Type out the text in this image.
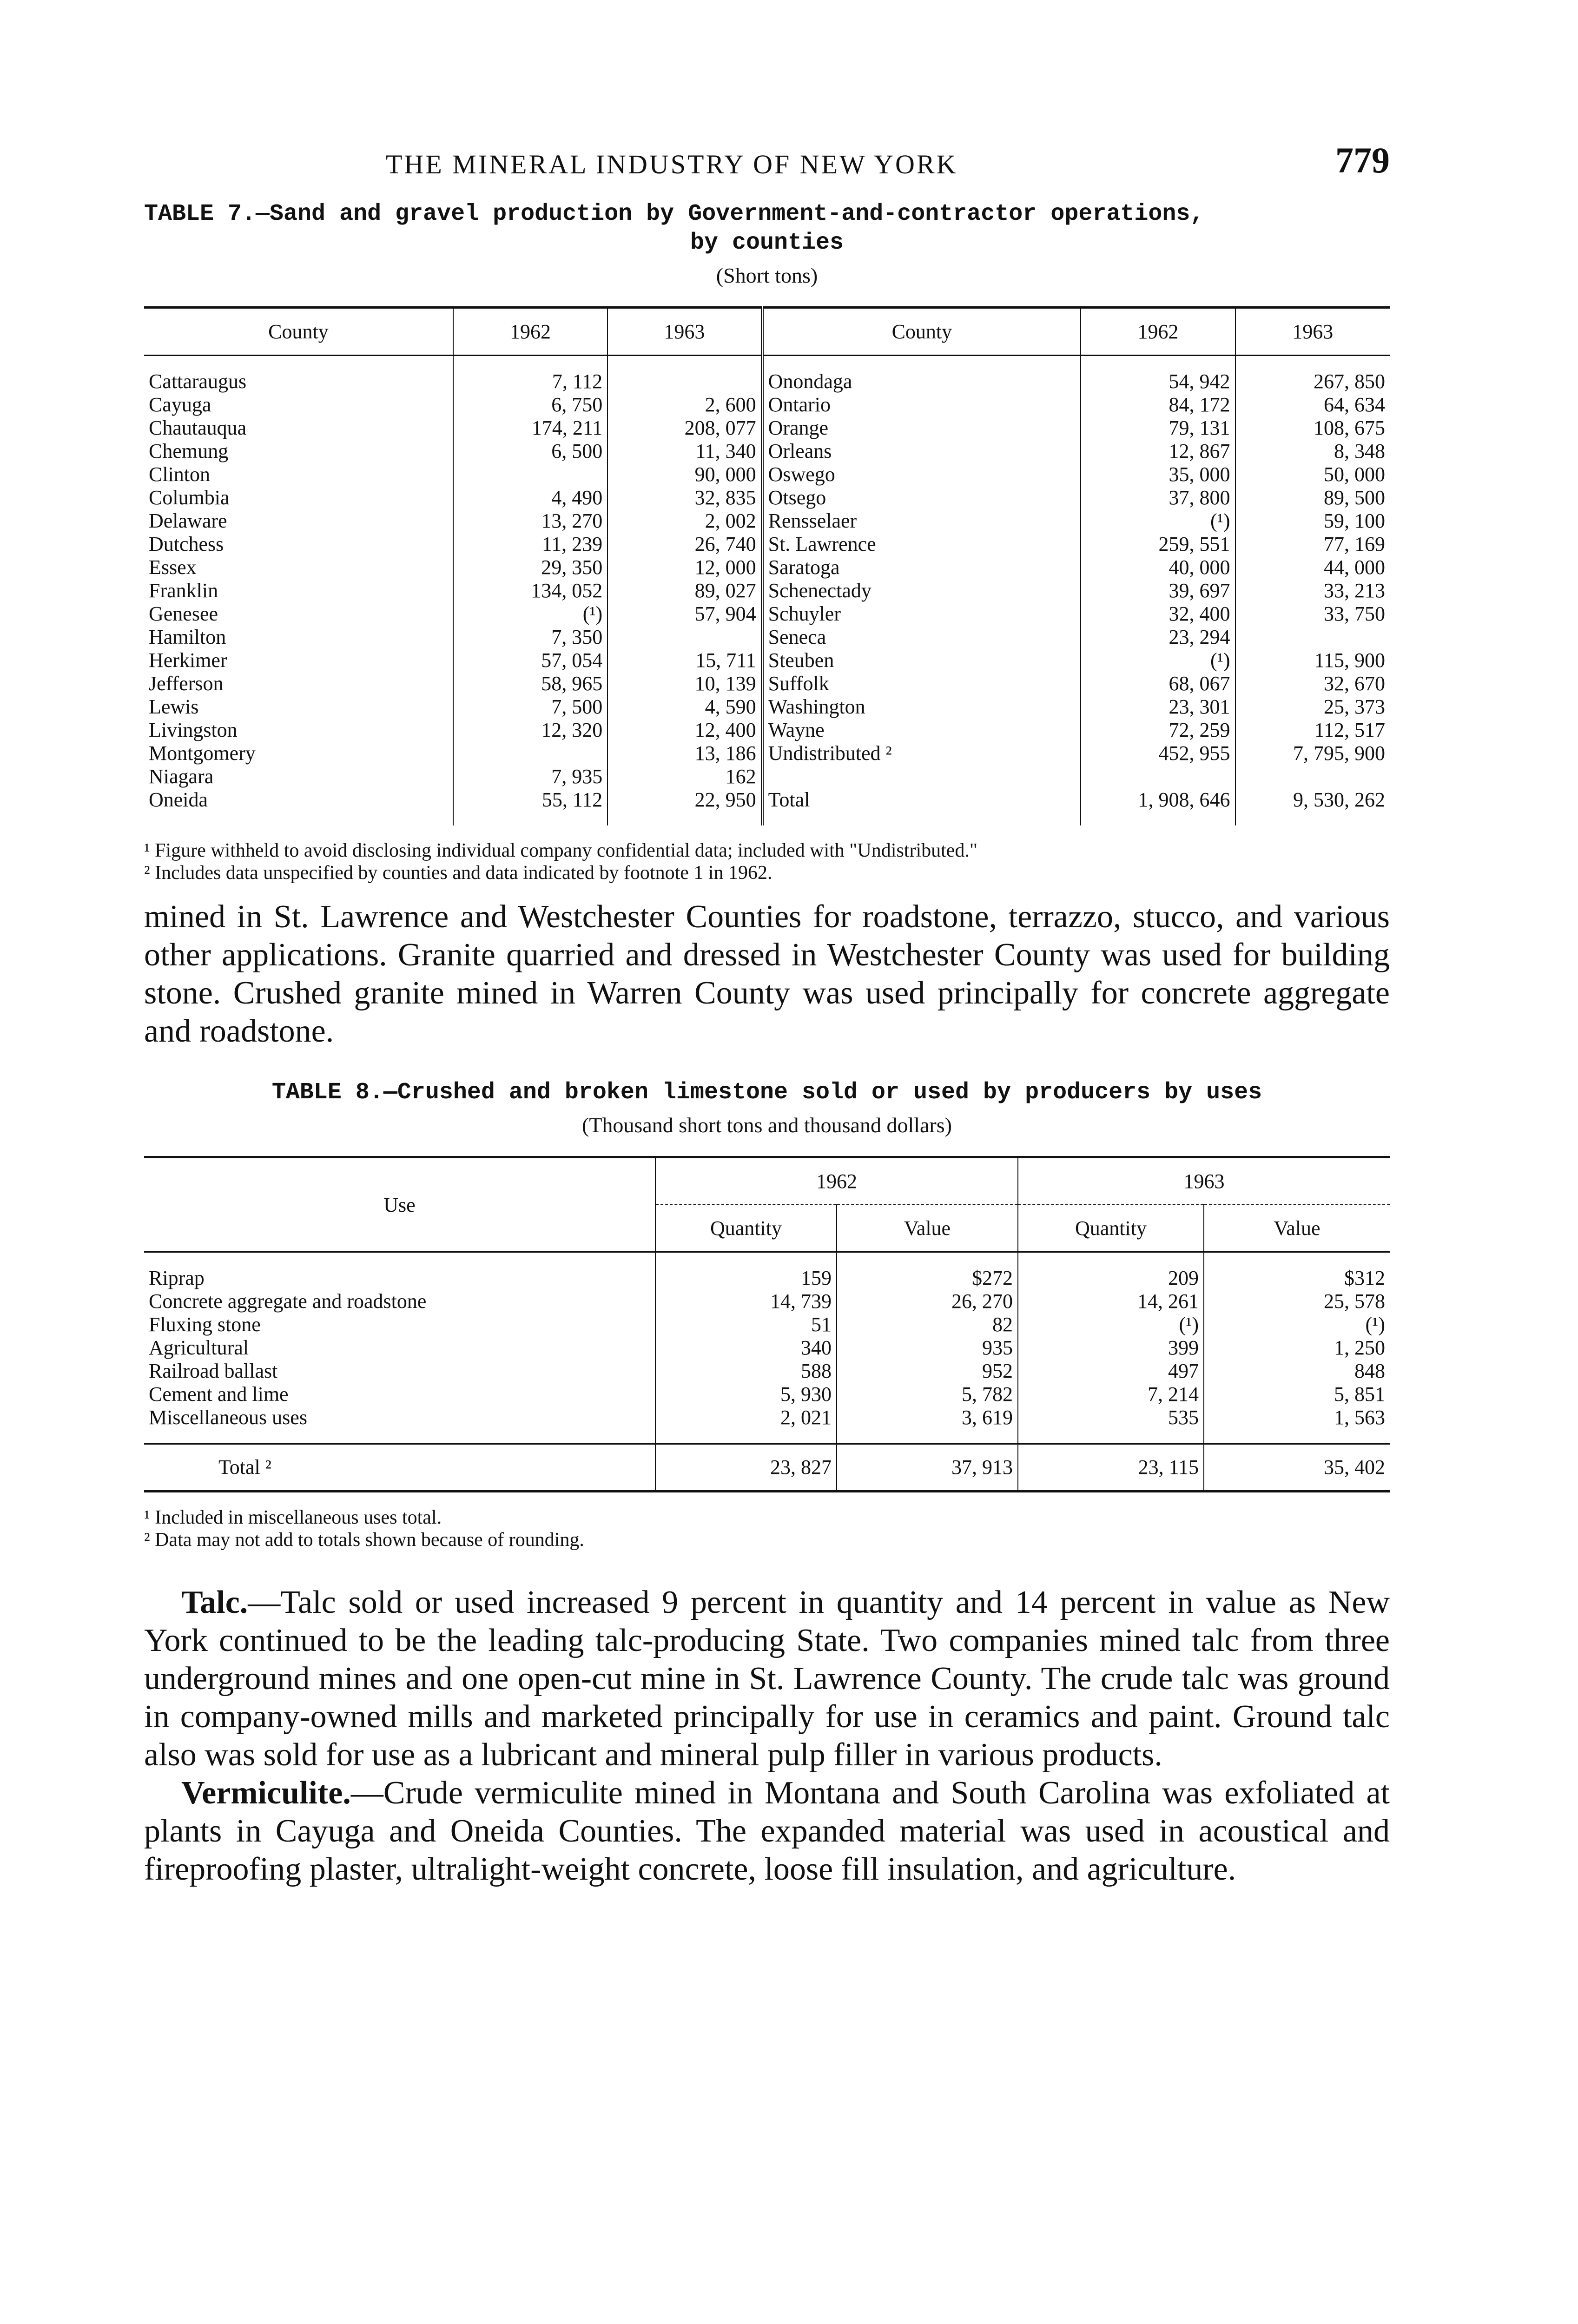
THE MINERAL INDUSTRY OF NEW YORK	779
TABLE 7.—Sand and gravel production by Government-and-contractor operations,
by counties
(Short tons)
County	1962	1963	County	1962	1963
Cattaraugus	7, 112		Onondaga	54, 942	267, 850
Cayuga	6, 750	2, 600	Ontario	84, 172	64, 634
Chautauqua	174, 211	208, 077	Orange	79, 131	108, 675
Chemung	6, 500	11, 340	Orleans	12, 867	8, 348
Clinton		90, 000	Oswego	35, 000	50, 000
Columbia	4, 490	32, 835	Otsego	37, 800	89, 500
Delaware	13, 270	2, 002	Rensselaer	(¹)	59, 100
Dutchess	11, 239	26, 740	St. Lawrence	259, 551	77, 169
Essex	29, 350	12, 000	Saratoga	40, 000	44, 000
Franklin	134, 052	89, 027	Schenectady	39, 697	33, 213
Genesee	(¹)	57, 904	Schuyler	32, 400	33, 750
Hamilton	7, 350		Seneca	23, 294	
Herkimer	57, 054	15, 711	Steuben	(¹)	115, 900
Jefferson	58, 965	10, 139	Suffolk	68, 067	32, 670
Lewis	7, 500	4, 590	Washington	23, 301	25, 373
Livingston	12, 320	12, 400	Wayne	72, 259	112, 517
Montgomery		13, 186	Undistributed ²	452, 955	7, 795, 900
Niagara	7, 935	162			
Oneida	55, 112	22, 950	Total	1, 908, 646	9, 530, 262

¹ Figure withheld to avoid disclosing individual company confidential data; included with "Undistributed."

² Includes data unspecified by counties and data indicated by footnote 1 in 1962.

mined in St. Lawrence and Westchester Counties for roadstone, terrazzo, stucco, and various other applications. Granite quarried and dressed in Westchester County was used for building stone. Crushed granite mined in Warren County was used principally for concrete aggregate and roadstone.

TABLE 8.—Crushed and broken limestone sold or used by producers by uses
(Thousand short tons and thousand dollars)
Use	1962		1963	
	Quantity	Value	Quantity	Value
Riprap	159	$272	209	$312
Concrete aggregate and roadstone	14, 739	26, 270	14, 261	25, 578
Fluxing stone	51	82	(¹)	(¹)
Agricultural	340	935	399	1, 250
Railroad ballast	588	952	497	848
Cement and lime	5, 930	5, 782	7, 214	5, 851
Miscellaneous uses	2, 021	3, 619	535	1, 563
Total ²	23, 827	37, 913	23, 115	35, 402

¹ Included in miscellaneous uses total.

² Data may not add to totals shown because of rounding.

Talc.—Talc sold or used increased 9 percent in quantity and 14 percent in value as New York continued to be the leading talc-producing State. Two companies mined talc from three underground mines and one open-cut mine in St. Lawrence County. The crude talc was ground in company-owned mills and marketed principally for use in ceramics and paint. Ground talc also was sold for use as a lubricant and mineral pulp filler in various products.

Vermiculite.—Crude vermiculite mined in Montana and South Carolina was exfoliated at plants in Cayuga and Oneida Counties. The expanded material was used in acoustical and fireproofing plaster, ultralight-weight concrete, loose fill insulation, and agriculture.
